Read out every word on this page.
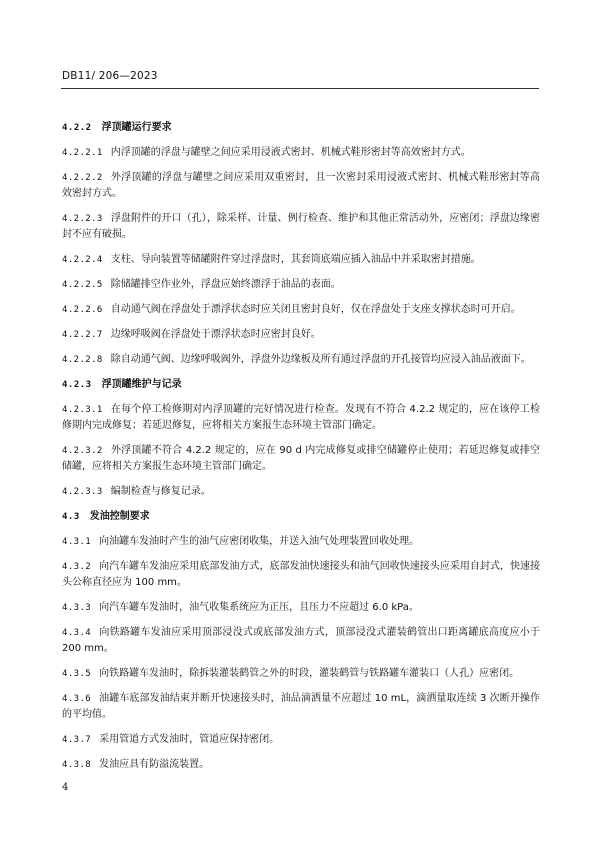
DB11/ 206—2023
4.2.2 浮顶罐运行要求
4.2.2.1 内浮顶罐的浮盘与罐壁之间应采用浸液式密封、机械式鞋形密封等高效密封方式。
4.2.2.2 外浮顶罐的浮盘与罐壁之间应采用双重密封，且一次密封采用浸液式密封、机械式鞋形密封等高效密封方式。
4.2.2.3 浮盘附件的开口（孔），除采样、计量、例行检查、维护和其他正常活动外，应密闭；浮盘边缘密封不应有破损。
4.2.2.4 支柱、导向装置等储罐附件穿过浮盘时，其套筒底端应插入油品中并采取密封措施。
4.2.2.5 除储罐排空作业外，浮盘应始终漂浮于油品的表面。
4.2.2.6 自动通气阀在浮盘处于漂浮状态时应关闭且密封良好，仅在浮盘处于支座支撑状态时可开启。
4.2.2.7 边缘呼吸阀在浮盘处于漂浮状态时应密封良好。
4.2.2.8 除自动通气阀、边缘呼吸阀外，浮盘外边缘板及所有通过浮盘的开孔接管均应浸入油品液面下。
4.2.3 浮顶罐维护与记录
4.2.3.1 在每个停工检修期对内浮顶罐的完好情况进行检查。发现有不符合 4.2.2 规定的，应在该停工检修期内完成修复；若延迟修复，应将相关方案报生态环境主管部门确定。
4.2.3.2 外浮顶罐不符合 4.2.2 规定的，应在 90 d 内完成修复或排空储罐停止使用；若延迟修复或排空储罐，应将相关方案报生态环境主管部门确定。
4.2.3.3 编制检查与修复记录。
4.3 发油控制要求
4.3.1 向油罐车发油时产生的油气应密闭收集，并送入油气处理装置回收处理。
4.3.2 向汽车罐车发油应采用底部发油方式，底部发油快速接头和油气回收快速接头应采用自封式，快速接头公称直径应为 100 mm。
4.3.3 向汽车罐车发油时，油气收集系统应为正压，且压力不应超过 6.0 kPa。
4.3.4 向铁路罐车发油应采用顶部浸没式或底部发油方式，顶部浸没式灌装鹤管出口距离罐底高度应小于 200 mm。
4.3.5 向铁路罐车发油时，除拆装灌装鹤管之外的时段，灌装鹤管与铁路罐车灌装口（人孔）应密闭。
4.3.6 油罐车底部发油结束并断开快速接头时，油品滴洒量不应超过 10 mL，滴洒量取连续 3 次断开操作的平均值。
4.3.7 采用管道方式发油时，管道应保持密闭。
4.3.8 发油应具有防溢流装置。
4
